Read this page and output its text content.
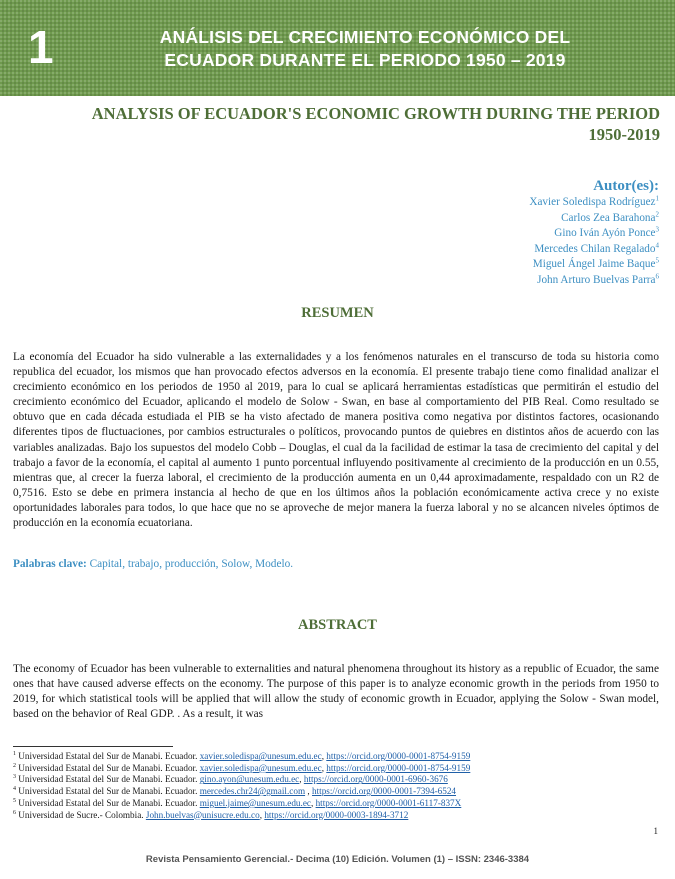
1	ANÁLISIS DEL CRECIMIENTO ECONÓMICO DEL
ECUADOR DURANTE EL PERIODO 1950 – 2019
ANALYSIS OF ECUADOR'S ECONOMIC GROWTH DURING THE PERIOD
1950-2019
Autor(es):
Xavier Soledispa Rodríguez$^1$
Carlos Zea Barahona$^2$
Gino Iván Ayón Ponce$^3$
Mercedes Chilan Regalado$^4$
Miguel Ángel Jaime Baque$^5$
John Arturo Buelvas Parra$^6$
RESUMEN

La economía del Ecuador ha sido vulnerable a las externalidades y a los fenómenos naturales en el transcurso de toda su historia como republica del ecuador, los mismos que han provocado efectos adversos en la economía. El presente trabajo tiene como finalidad analizar el crecimiento económico en los periodos de 1950 al 2019, para lo cual se aplicará herramientas estadísticas que permitirán el estudio del crecimiento económico del Ecuador, aplicando el modelo de Solow - Swan, en base al comportamiento del PIB Real. Como resultado se obtuvo que en cada década estudiada el PIB se ha visto afectado de manera positiva como negativa por distintos factores, ocasionando diferentes tipos de fluctuaciones, por cambios estructurales o políticos, provocando puntos de quiebres en distintos años de acuerdo con las variables analizadas. Bajo los supuestos del modelo Cobb – Douglas, el cual da la facilidad de estimar la tasa de crecimiento del capital y del trabajo a favor de la economía, el capital al aumento 1 punto porcentual influyendo positivamente al crecimiento de la producción en un 0.55, mientras que, al crecer la fuerza laboral, el crecimiento de la producción aumenta en un 0,44 aproximadamente, respaldado con un R2 de 0,7516. Esto se debe en primera instancia al hecho de que en los últimos años la población económicamente activa crece y no existe oportunidades laborales para todos, lo que hace que no se aproveche de mejor manera la fuerza laboral y no se alcancen niveles óptimos de producción en la economía ecuatoriana.

Palabras clave: Capital, trabajo, producción, Solow, Modelo.
ABSTRACT

The economy of Ecuador has been vulnerable to externalities and natural phenomena throughout its history as a republic of Ecuador, the same ones that have caused adverse effects on the economy. The purpose of this paper is to analyze economic growth in the periods from 1950 to 2019, for which statistical tools will be applied that will allow the study of economic growth in Ecuador, applying the Solow - Swan model, based on the behavior of Real GDP. . As a result, it was

$^1$ Universidad Estatal del Sur de Manabi. Ecuador. xavier.soledispa@unesum.edu.ec, https://orcid.org/0000-0001-8754-9159
$^2$ Universidad Estatal del Sur de Manabi. Ecuador. xavier.soledispa@unesum.edu.ec, https://orcid.org/0000-0001-8754-9159
$^3$ Universidad Estatal del Sur de Manabi. Ecuador. gino.ayon@unesum.edu.ec, https://orcid.org/0000-0001-6960-3676
$^4$ Universidad Estatal del Sur de Manabi. Ecuador. mercedes.chr24@gmail.com , https://orcid.org/0000-0001-7394-6524
$^5$ Universidad Estatal del Sur de Manabi. Ecuador. miguel.jaime@unesum.edu.ec, https://orcid.org/0000-0001-6117-837X
$^6$ Universidad de Sucre.- Colombia. John.buelvas@unisucre.edu.co, https://orcid.org/0000-0003-1894-3712
1
Revista Pensamiento Gerencial.- Decima (10) Edición. Volumen (1) – ISSN: 2346-3384
